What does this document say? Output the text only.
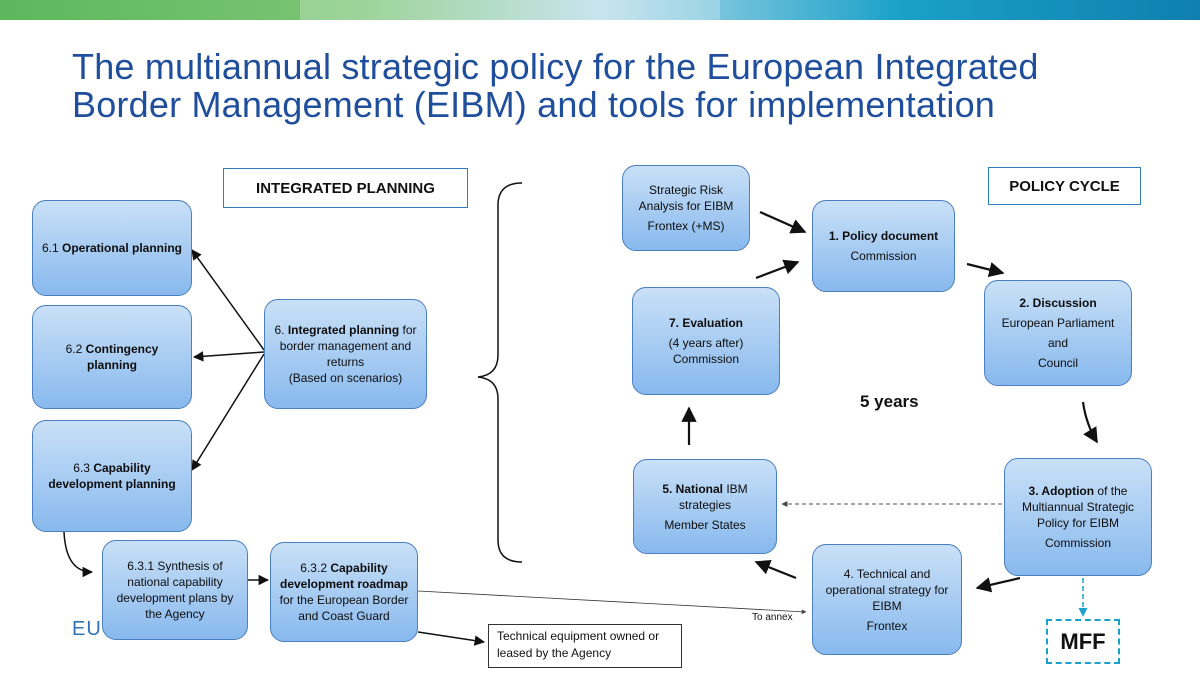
The multiannual strategic policy for the European Integrated
Border Management (EIBM) and tools for implementation
INTEGRATED PLANNING	POLICY CYCLE
6.1 Operational planning
6.2 Contingency planning
6.3 Capability development planning
6. Integrated planning for border management and returns
(Based on scenarios)
6.3.1 Synthesis of national capability development plans by the Agency
6.3.2 Capability development roadmap for the European Border and Coast Guard
Technical equipment owned or leased by the Agency
EU
Strategic Risk Analysis for EIBM
Frontex (+MS)
1. Policy document
Commission
2. Discussion
European Parliament
and
Council
3. Adoption of the Multiannual Strategic Policy for EIBM
Commission
4. Technical and operational strategy for EIBM
Frontex
5. National IBM strategies
Member States
7. Evaluation
(4 years after)
Commission
5 years
To annex
MFF
